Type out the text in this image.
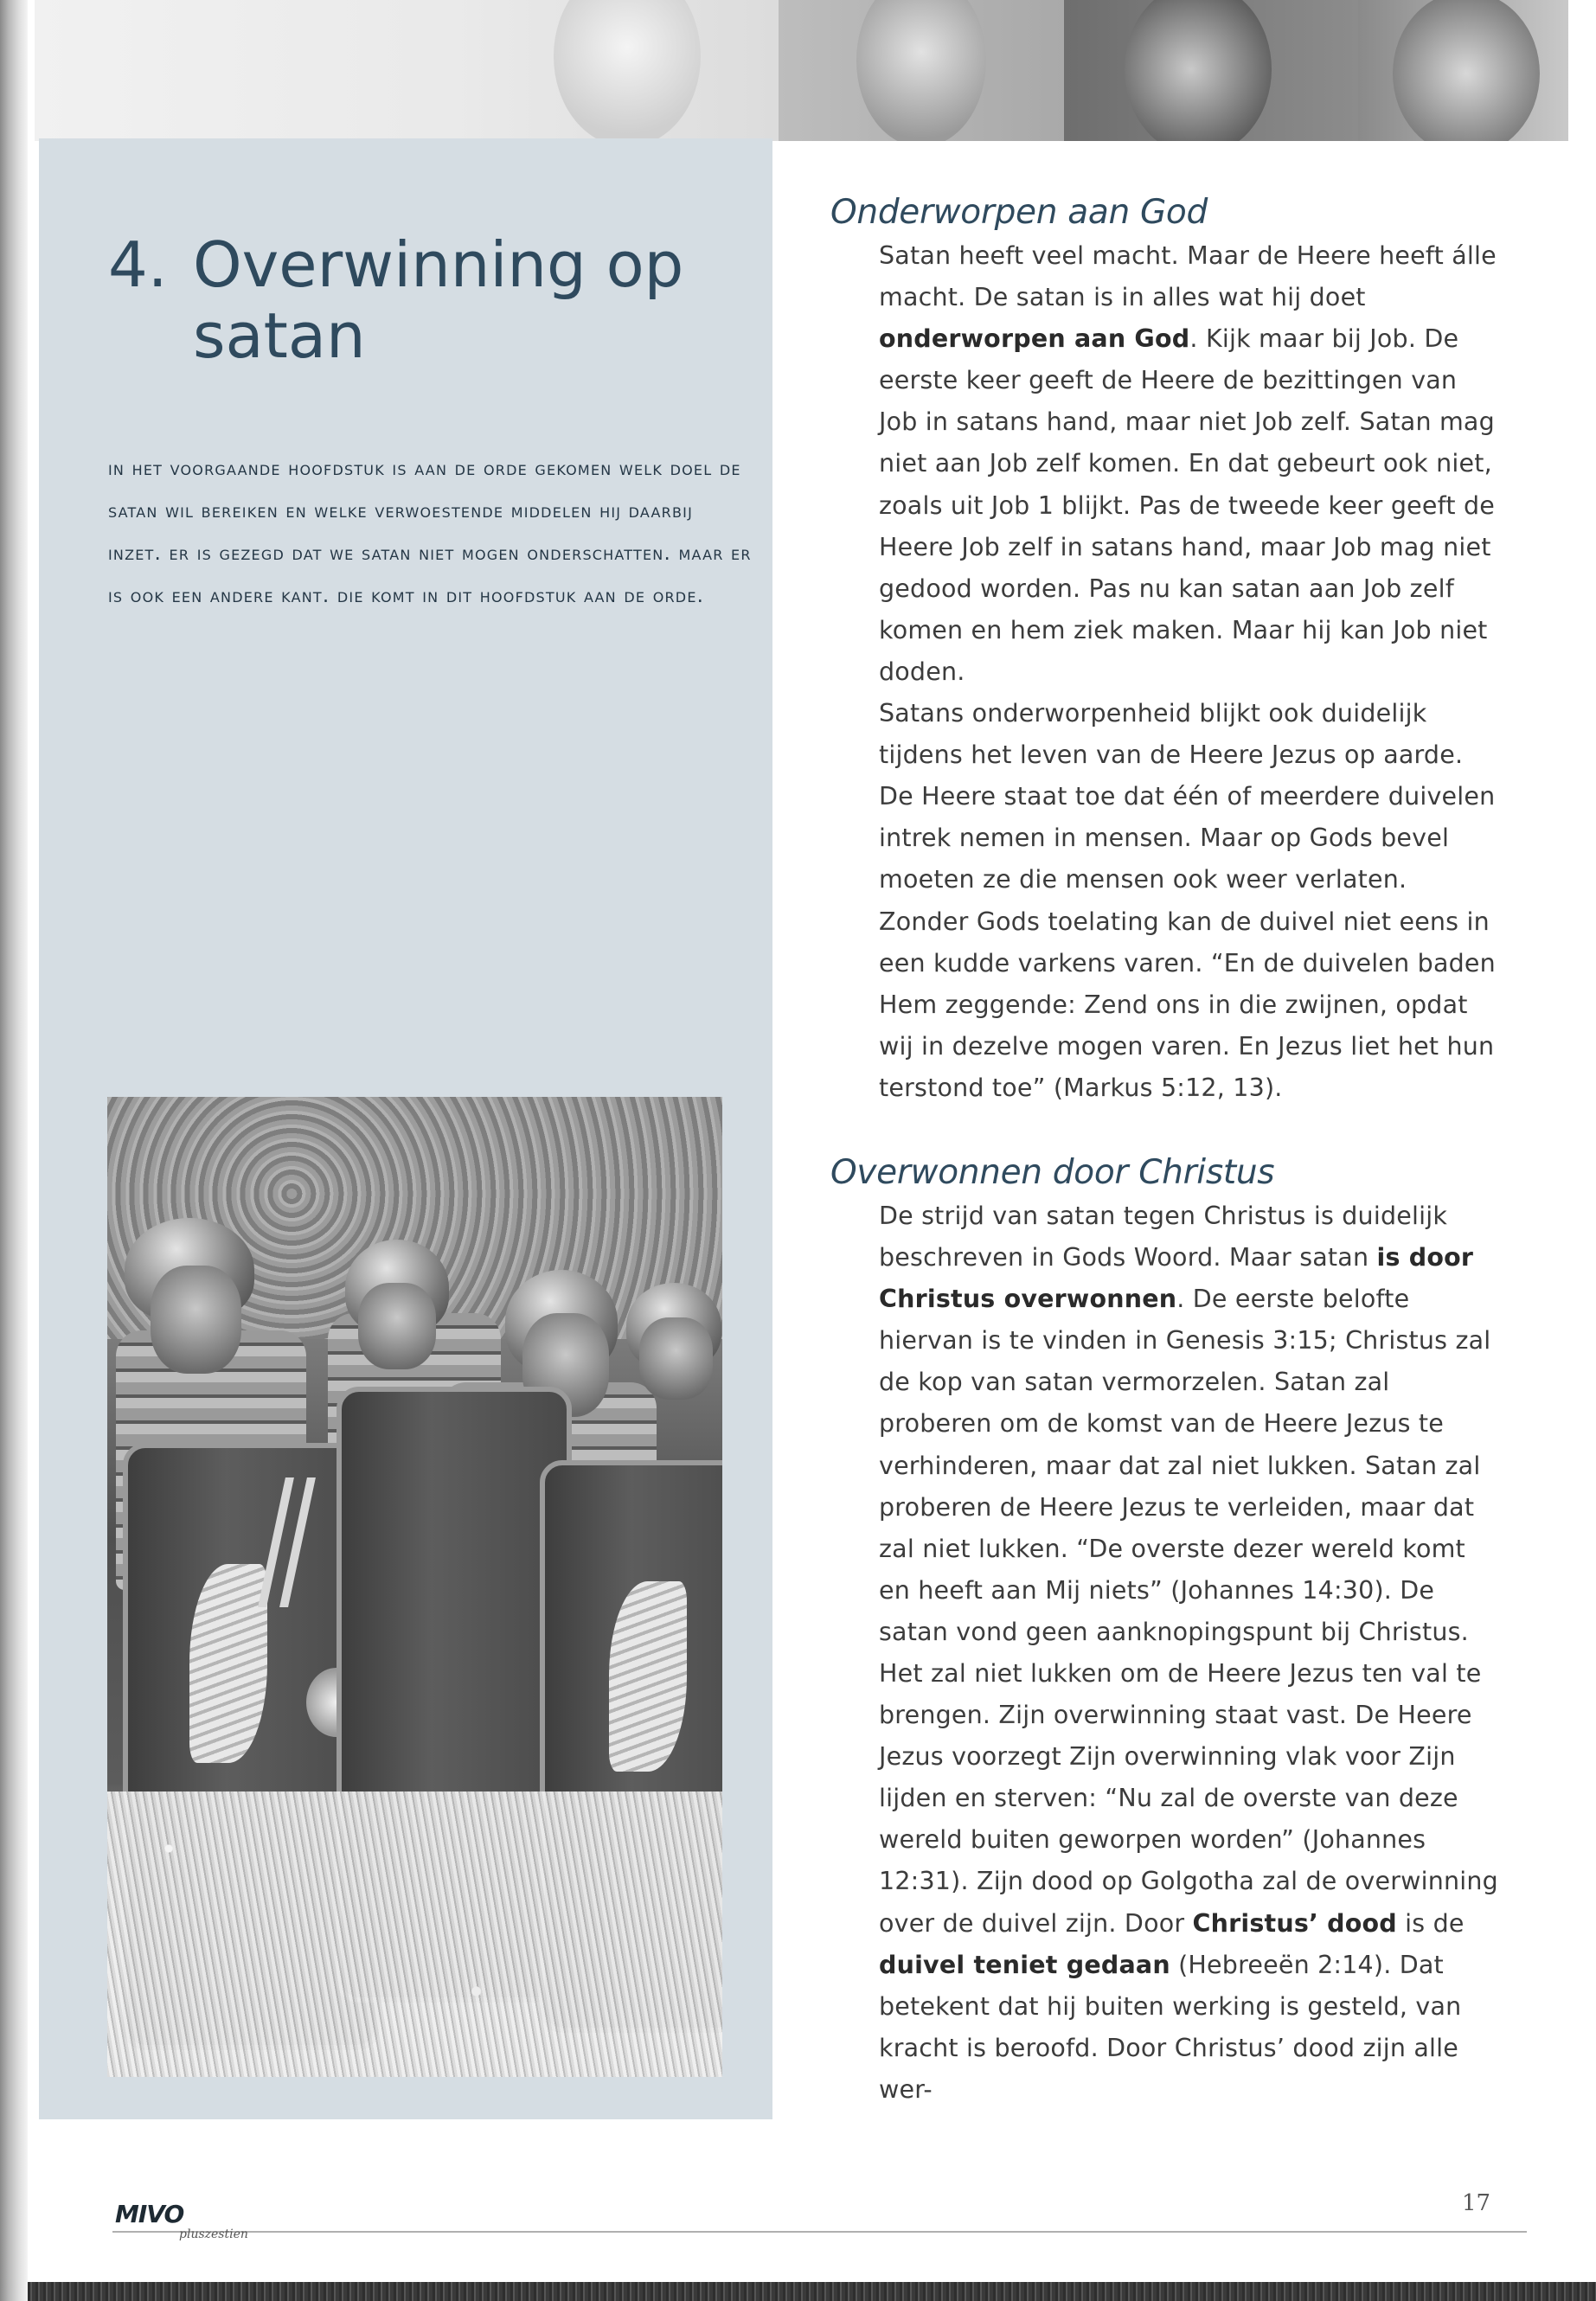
4. Overwinning op
satan

in het voorgaande hoofdstuk is aan de orde gekomen welk doel de satan wil bereiken en welke verwoestende middelen hij daarbij inzet. er is gezegd dat we satan niet mogen onderschatten. maar er is ook een andere kant. die komt in dit hoofdstuk aan de orde.

Onderworpen aan God

Satan heeft veel macht. Maar de Heere heeft álle macht. De satan is in alles wat hij doet onderworpen aan God. Kijk maar bij Job. De eerste keer geeft de Heere de bezittingen van Job in satans hand, maar niet Job zelf. Satan mag niet aan Job zelf komen. En dat gebeurt ook niet, zoals uit Job 1 blijkt. Pas de tweede keer geeft de Heere Job zelf in satans hand, maar Job mag niet gedood worden. Pas nu kan satan aan Job zelf komen en hem ziek maken. Maar hij kan Job niet doden.
Satans onderworpenheid blijkt ook duidelijk tijdens het leven van de Heere Jezus op aarde. De Heere staat toe dat één of meerdere duivelen intrek nemen in mensen. Maar op Gods bevel moeten ze die mensen ook weer verlaten. Zonder Gods toelating kan de duivel niet eens in een kudde varkens varen. “En de duivelen baden Hem zeggende: Zend ons in die zwijnen, opdat wij in dezelve mogen varen. En Jezus liet het hun terstond toe” (Markus 5:12, 13).

Overwonnen door Christus

De strijd van satan tegen Christus is duidelijk beschreven in Gods Woord. Maar satan is door Christus overwonnen. De eerste belofte hiervan is te vinden in Genesis 3:15; Christus zal de kop van satan vermorzelen. Satan zal proberen om de komst van de Heere Jezus te verhinderen, maar dat zal niet lukken. Satan zal proberen de Heere Jezus te verleiden, maar dat zal niet lukken. “De overste dezer wereld komt en heeft aan Mij niets” (Johannes 14:30). De satan vond geen aanknopingspunt bij Christus. Het zal niet lukken om de Heere Jezus ten val te brengen. Zijn overwinning staat vast. De Heere Jezus voorzegt Zijn overwinning vlak voor Zijn lijden en sterven: “Nu zal de overste van deze wereld buiten geworpen worden” (Johannes 12:31). Zijn dood op Golgotha zal de overwinning over de duivel zijn. Door Christus’ dood is de duivel teniet gedaan (Hebreeën 2:14). Dat betekent dat hij buiten werking is gesteld, van kracht is beroofd. Door Christus’ dood zijn alle wer-

MIVO
pluszestien
17
